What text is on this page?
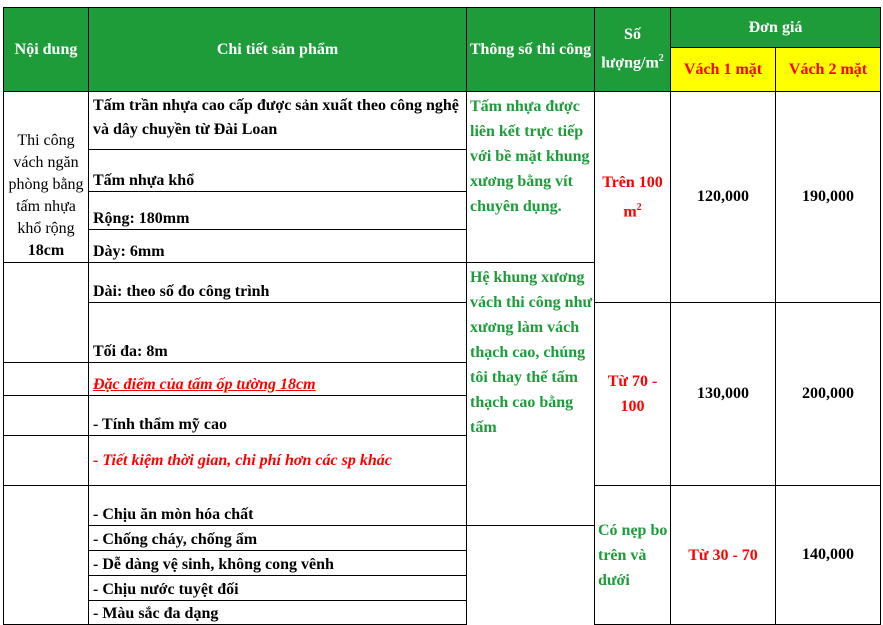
Nội dung	Chi tiết sản phẩm	Thông số thi công	Số lượng/$m^2$	Đơn giá		
				Vách 1 mặt	Vách 2 mặt	
Thi công vách ngăn phòng bằng tấm nhựa khổ rộng
18cm	Tấm trần nhựa cao cấp được sản xuất theo công nghệ và dây chuyền từ Đài Loan	Tấm nhựa được liên kết trực tiếp với bề mặt khung xương bằng vít chuyên dụng.	Trên 100 $m^2$	120,000	190,000	
	Tấm nhựa khổ					
	Rộng: 180mm					
	Dày: 6mm					
	Dài: theo số đo công trình	Hệ khung xương vách thi công như xương làm vách thạch cao, chúng tôi thay thế tấm thạch cao bằng tấm				
	Tối đa: 8m		Từ 70 - 100	130,000	200,000	
	Đặc điểm của tấm ốp tường 18cm					
	- Tính thẩm mỹ cao					
	- Tiết kiệm thời gian, chi phí hơn các sp khác					
	- Chịu ăn mòn hóa chất		Có nẹp bo trên và dưới	Từ 30 - 70	140,000	
	- Chống cháy, chống ẩm					
	- Dễ dàng vệ sinh, không cong vênh					
	- Chịu nước tuyệt đối					
	- Màu sắc đa dạng					
